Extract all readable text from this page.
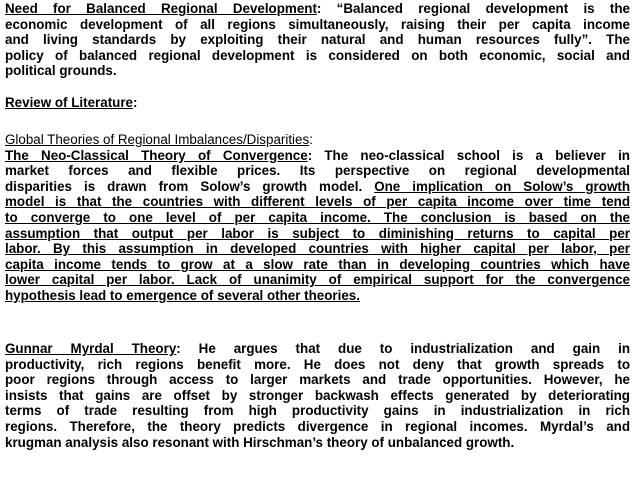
Need for Balanced Regional Development: “Balanced regional development is the
economic development of all regions simultaneously, raising their per capita income
and living standards by exploiting their natural and human resources fully”. The
policy of balanced regional development is considered on both economic, social and
political grounds.
Review of Literature:
Global Theories of Regional Imbalances/Disparities:
The Neo-Classical Theory of Convergence: The neo-classical school is a believer in
market forces and flexible prices. Its perspective on regional developmental
disparities is drawn from Solow’s growth model. One implication on Solow’s growth
model is that the countries with different levels of per capita income over time tend
to converge to one level of per capita income. The conclusion is based on the
assumption that output per labor is subject to diminishing returns to capital per
labor. By this assumption in developed countries with higher capital per labor, per
capita income tends to grow at a slow rate than in developing countries which have
lower capital per labor. Lack of unanimity of empirical support for the convergence
hypothesis lead to emergence of several other theories.
Gunnar Myrdal Theory: He argues that due to industrialization and gain in
productivity, rich regions benefit more. He does not deny that growth spreads to
poor regions through access to larger markets and trade opportunities. However, he
insists that gains are offset by stronger backwash effects generated by deteriorating
terms of trade resulting from high productivity gains in industrialization in rich
regions. Therefore, the theory predicts divergence in regional incomes. Myrdal’s and
krugman analysis also resonant with Hirschman’s theory of unbalanced growth.
